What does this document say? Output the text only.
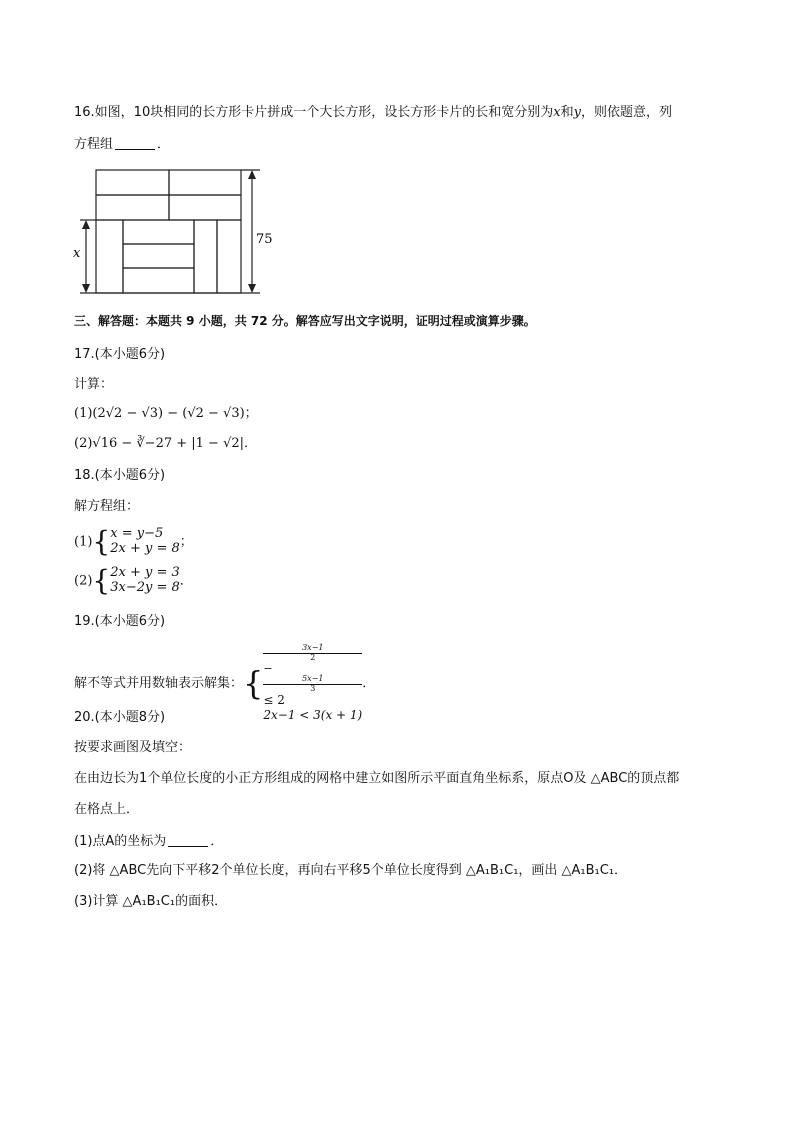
16.如图，10块相同的长方形卡片拼成一个大长方形，设长方形卡片的长和宽分别为x和y，则依题意，列
方程组	．
75
x
三、解答题：本题共 9 小题，共 72 分。解答应写出文字说明，证明过程或演算步骤。
17.(本小题6分)
计算：
(1)(2√2 − √3) − (√2 − √3)；
(2)√16 − ∛−27 + |1 − √2|．
18.(本小题6分)
解方程组：
(1){ x = y−5
2x + y = 8 ；
(2){ 2x + y = 3
3x−2y = 8 ．
19.(本小题6分)
解不等式并用数轴表示解集：{
3x−1
2
−
5x−1
3
≤ 2
2x−1 < 3(x + 1)
．
20.(本小题8分)
按要求画图及填空：
在由边长为1个单位长度的小正方形组成的网格中建立如图所示平面直角坐标系，原点O及 △ABC的顶点都
在格点上．
(1)点A的坐标为	．
(2)将 △ABC先向下平移2个单位长度，再向右平移5个单位长度得到 △A₁B₁C₁，画出 △A₁B₁C₁．
(3)计算 △A₁B₁C₁的面积．
